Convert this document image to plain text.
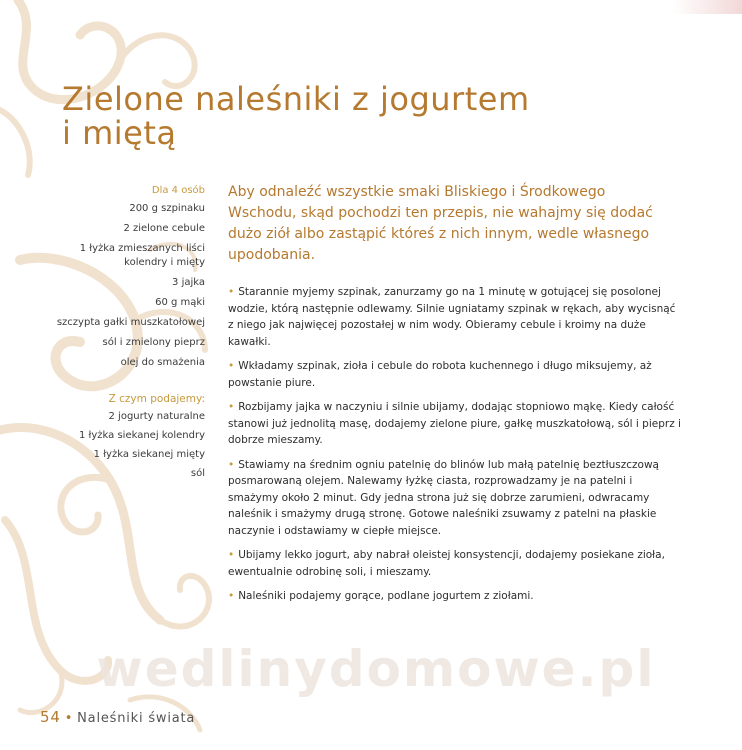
Zielone naleśniki z jogurtem
i miętą
Dla 4 osób
200 g szpinaku
2 zielone cebule
1 łyżka zmieszanych liści kolendry i mięty
3 jajka
60 g mąki
szczypta gałki muszkatołowej
sól i zmielony pieprz
olej do smażenia
Z czym podajemy:
2 jogurty naturalne
1 łyżka siekanej kolendry
1 łyżka siekanej mięty
sól

Aby odnaleźć wszystkie smaki Bliskiego i Środkowego Wschodu, skąd pochodzi ten przepis, nie wahajmy się dodać dużo ziół albo zastąpić któreś z nich innym, wedle własnego upodobania.

• Starannie myjemy szpinak, zanurzamy go na 1 minutę w gotującej się posolonej wodzie, którą następnie odlewamy. Silnie ugniatamy szpinak w rękach, aby wycisnąć z niego jak najwięcej pozostałej w nim wody. Obieramy cebule i kroimy na duże kawałki.

• Wkładamy szpinak, zioła i cebule do robota kuchennego i długo miksujemy, aż powstanie piure.

• Rozbijamy jajka w naczyniu i silnie ubijamy, dodając stopniowo mąkę. Kiedy całość stanowi już jednolitą masę, dodajemy zielone piure, gałkę muszkatołową, sól i pieprz i dobrze mieszamy.

• Stawiamy na średnim ogniu patelnię do blinów lub małą patelnię beztłuszczową posmarowaną olejem. Nalewamy łyżkę ciasta, rozprowadzamy je na patelni i smażymy około 2 minut. Gdy jedna strona już się dobrze zarumieni, odwracamy naleśnik i smażymy drugą stronę. Gotowe naleśniki zsuwamy z patelni na płaskie naczynie i odstawiamy w ciepłe miejsce.

• Ubijamy lekko jogurt, aby nabrał oleistej konsystencji, dodajemy posiekane zioła, ewentualnie odrobinę soli, i mieszamy.

• Naleśniki podajemy gorące, podlane jogurtem z ziołami.

wedlinydomowe.pl
54 • Naleśniki świata
